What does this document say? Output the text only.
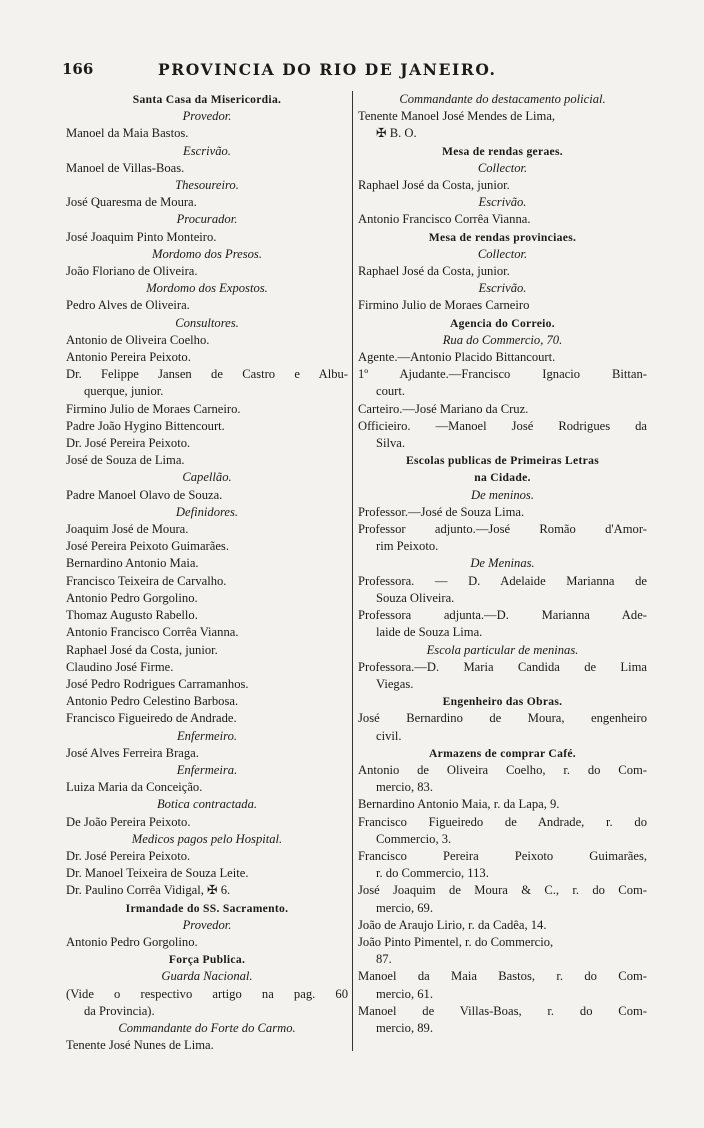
166	PROVINCIA DO RIO DE JANEIRO.
Santa Casa da Misericordia.
Provedor.
Manoel da Maia Bastos.
Escrivão.
Manoel de Villas-Boas.
Thesoureiro.
José Quaresma de Moura.
Procurador.
José Joaquim Pinto Monteiro.
Mordomo dos Presos.
João Floriano de Oliveira.
Mordomo dos Expostos.
Pedro Alves de Oliveira.
Consultores.
Antonio de Oliveira Coelho.
Antonio Pereira Peixoto.
Dr. Felippe Jansen de Castro e Albu-
querque, junior.
Firmino Julio de Moraes Carneiro.
Padre João Hygino Bittencourt.
Dr. José Pereira Peixoto.
José de Souza de Lima.
Capellão.
Padre Manoel Olavo de Souza.
Definidores.
Joaquim José de Moura.
José Pereira Peixoto Guimarães.
Bernardino Antonio Maia.
Francisco Teixeira de Carvalho.
Antonio Pedro Gorgolino.
Thomaz Augusto Rabello.
Antonio Francisco Corrêa Vianna.
Raphael José da Costa, junior.
Claudino José Firme.
José Pedro Rodrigues Carramanhos.
Antonio Pedro Celestino Barbosa.
Francisco Figueiredo de Andrade.
Enfermeiro.
José Alves Ferreira Braga.
Enfermeira.
Luiza Maria da Conceição.
Botica contractada.
De João Pereira Peixoto.
Medicos pagos pelo Hospital.
Dr. José Pereira Peixoto.
Dr. Manoel Teixeira de Souza Leite.
Dr. Paulino Corrêa Vidigal, ✠ 6.
Irmandade do SS. Sacramento.
Provedor.
Antonio Pedro Gorgolino.
Força Publica.
Guarda Nacional.
(Vide o respectivo artigo na pag. 60
da Provincia).
Commandante do Forte do Carmo.
Tenente José Nunes de Lima.
Commandante do destacamento policial.
Tenente Manoel José Mendes de Lima,
✠ B. O.
Mesa de rendas geraes.
Collector.
Raphael José da Costa, junior.
Escrivão.
Antonio Francisco Corrêa Vianna.
Mesa de rendas provinciaes.
Collector.
Raphael José da Costa, junior.
Escrivão.
Firmino Julio de Moraes Carneiro
Agencia do Correio.
Rua do Commercio, 70.
Agente.—Antonio Placido Bittancourt.
1º Ajudante.—Francisco Ignacio Bittan-
court.
Carteiro.—José Mariano da Cruz.
Officieiro. —Manoel José Rodrigues da
Silva.
Escolas publicas de Primeiras Letras
na Cidade.
De meninos.
Professor.—José de Souza Lima.
Professor adjunto.—José Romão d'Amor-
rim Peixoto.
De Meninas.
Professora. — D. Adelaide Marianna de
Souza Oliveira.
Professora adjunta.—D. Marianna Ade-
laide de Souza Lima.
Escola particular de meninas.
Professora.—D. Maria Candida de Lima
Viegas.
Engenheiro das Obras.
José Bernardino de Moura, engenheiro
civil.
Armazens de comprar Café.
Antonio de Oliveira Coelho, r. do Com-
mercio, 83.
Bernardino Antonio Maia, r. da Lapa, 9.
Francisco Figueiredo de Andrade, r. do
Commercio, 3.
Francisco Pereira Peixoto Guimarães,
r. do Commercio, 113.
José Joaquim de Moura & C., r. do Com-
mercio, 69.
João de Araujo Lirio, r. da Cadêa, 14.
João Pinto Pimentel, r. do Commercio,
87.
Manoel da Maia Bastos, r. do Com-
mercio, 61.
Manoel de Villas-Boas, r. do Com-
mercio, 89.
